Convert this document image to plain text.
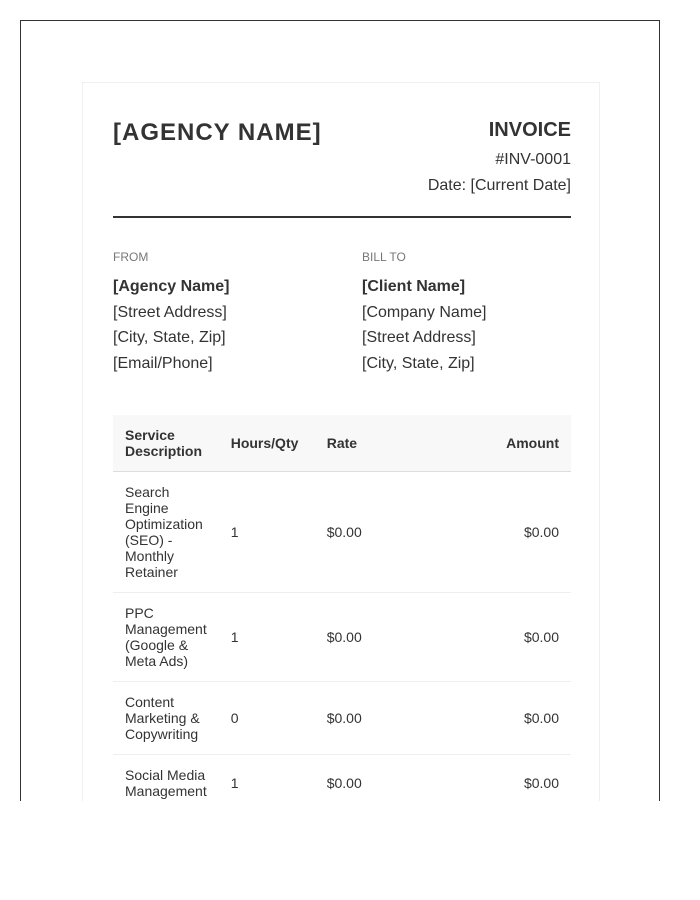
[AGENCY NAME]	INVOICE
#INV-0001
Date: [Current Date]
FROM
[Agency Name]
[Street Address]
[City, State, Zip]
[Email/Phone]
BILL TO
[Client Name]
[Company Name]
[Street Address]
[City, State, Zip]
Service Description	Hours/Qty	Rate	Amount
Search Engine Optimization (SEO) - Monthly Retainer	1	$0.00	$0.00
PPC Management (Google & Meta Ads)	1	$0.00	$0.00
Content Marketing & Copywriting	0	$0.00	$0.00
Social Media Management	1	$0.00	$0.00
